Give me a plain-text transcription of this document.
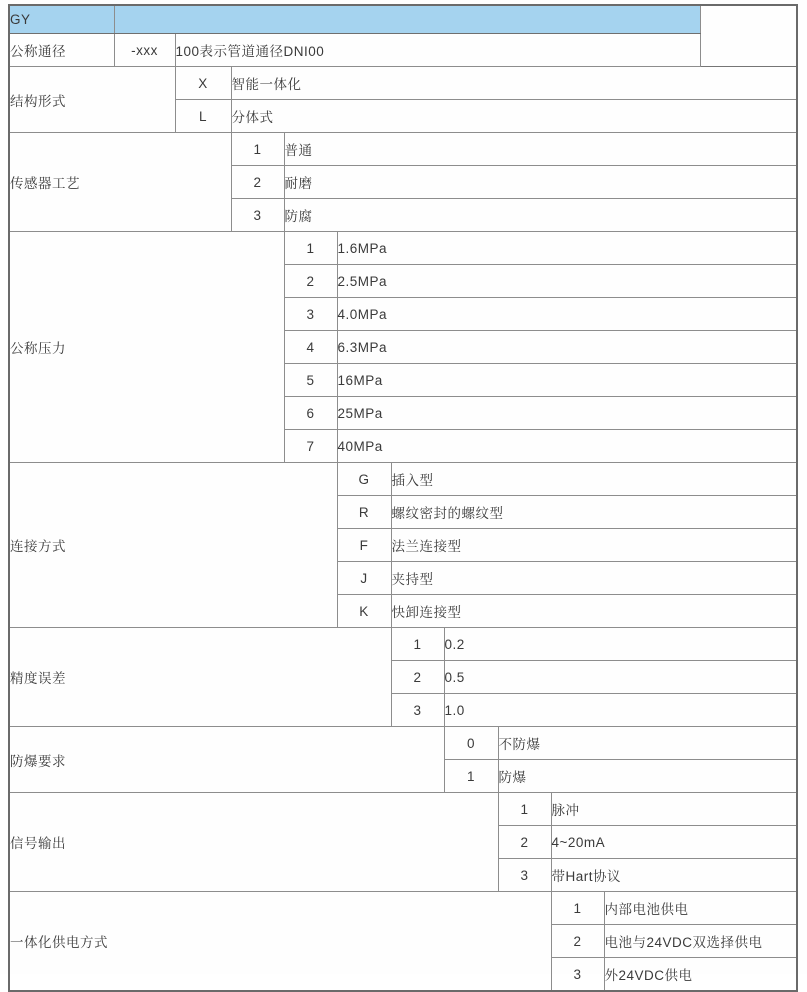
GY										
公称通径	-xxx	100表示管道通径DNI00								
结构形式		X	智能一体化							
		L	分体式							
传感器工艺			1	普通						
			2	耐磨						
			3	防腐						
公称压力				1	1.6MPa					
				2	2.5MPa					
				3	4.0MPa					
				4	6.3MPa					
				5	16MPa					
				6	25MPa					
				7	40MPa					
连接方式					G	插入型				
					R	螺纹密封的螺纹型				
					F	法兰连接型				
					J	夹持型				
					K	快卸连接型				
精度误差						1	0.2			
						2	0.5			
						3	1.0			
防爆要求							0	不防爆		
							1	防爆		
信号输出								1	脉冲	
								2	4~20mA	
								3	带Hart协议	
一体化供电方式									1	内部电池供电
									2	电池与24VDC双选择供电
									3	外24VDC供电
